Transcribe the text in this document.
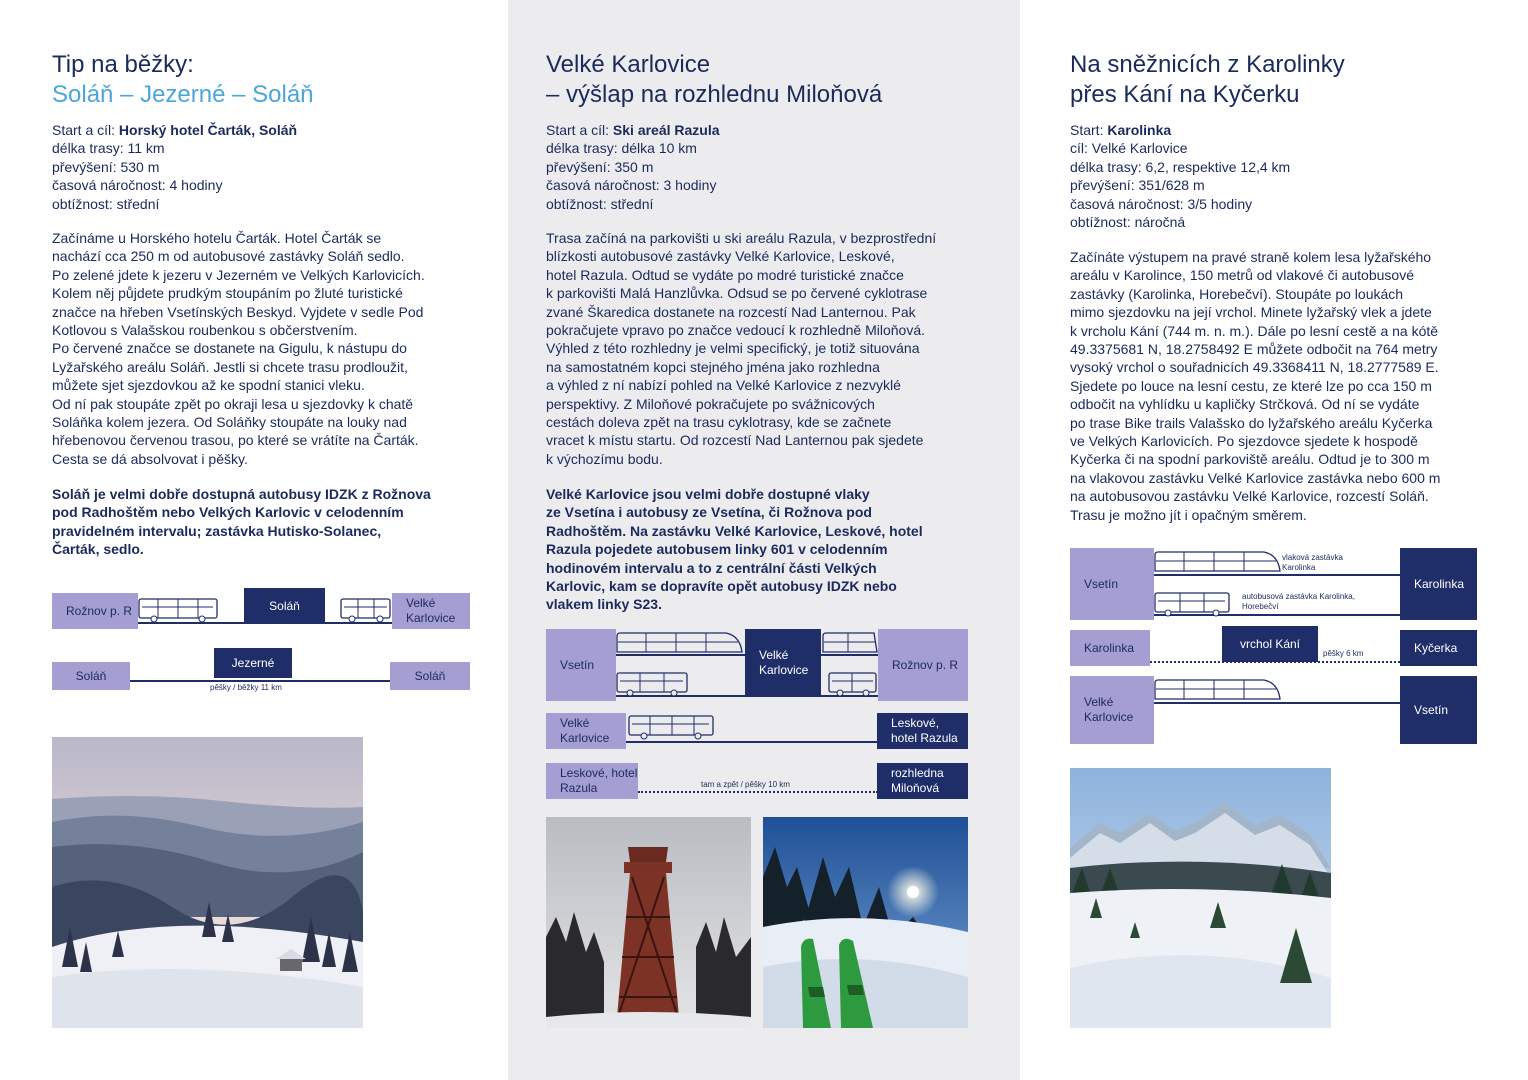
Tip na běžky:
Soláň – Jezerné – Soláň
Start a cíl: Horský hotel Čarták, Soláň
délka trasy: 11 km
převýšení: 530 m
časová náročnost: 4 hodiny
obtížnost: střední
Začínáme u Horského hotelu Čarták. Hotel Čarták se
nachází cca 250 m od autobusové zastávky Soláň sedlo.
Po zelené jdete k jezeru v Jezerném ve Velkých Karlovicích.
Kolem něj půjdete prudkým stoupáním po žluté turistické
značce na hřeben Vsetínských Beskyd. Vyjdete v sedle Pod
Kotlovou s Valašskou roubenkou s občerstvením.
Po červené značce se dostanete na Gigulu, k nástupu do
Lyžařského areálu Soláň. Jestli si chcete trasu prodloužit,
můžete sjet sjezdovkou až ke spodní stanici vleku.
Od ní pak stoupáte zpět po okraji lesa u sjezdovky k chatě
Soláňka kolem jezera. Od Soláňky stoupáte na louky nad
hřebenovou červenou trasou, po které se vrátíte na Čarták.
Cesta se dá absolvovat i pěšky.
Soláň je velmi dobře dostupná autobusy IDZK z Rožnova
pod Radhoštěm nebo Velkých Karlovic v celodenním
pravidelném intervalu; zastávka Hutisko-Solanec,
Čarták, sedlo.
Rožnov p. R	Soláň	Velké Karlovice
Soláň
Jezerné
pěšky / běžky 11 km
Soláň
Velké Karlovice
– výšlap na rozhlednu Miloňová
Start a cíl: Ski areál Razula
délka trasy: délka 10 km
převýšení: 350 m
časová náročnost: 3 hodiny
obtížnost: střední
Trasa začíná na parkovišti u ski areálu Razula, v bezprostřední
blízkosti autobusové zastávky Velké Karlovice, Leskové,
hotel Razula. Odtud se vydáte po modré turistické značce
k parkovišti Malá Hanzlůvka. Odsud se po červené cyklotrase
zvané Škaredica dostanete na rozcestí Nad Lanternou. Pak
pokračujete vpravo po značce vedoucí k rozhledně Miloňová.
Výhled z této rozhledny je velmi specifický, je totiž situována
na samostatném kopci stejného jména jako rozhledna
a výhled z ní nabízí pohled na Velké Karlovice z nezvyklé
perspektivy. Z Miloňové pokračujete po svážnicových
cestách doleva zpět na trasu cyklotrasy, kde se začnete
vracet k místu startu. Od rozcestí Nad Lanternou pak sjedete
k výchozímu bodu.
Velké Karlovice jsou velmi dobře dostupné vlaky
ze Vsetína i autobusy ze Vsetína, či Rožnova pod
Radhoštěm. Na zastávku Velké Karlovice, Leskové, hotel
Razula pojedete autobusem linky 601 v celodenním
hodinovém intervalu a to z centrální části Velkých
Karlovic, kam se dopravíte opět autobusy IDZK nebo
vlakem linky S23.
Vsetín
Velké Karlovice	Rožnov p. R
Velké Karlovice
Leskové, hotel Razula
Leskové, hotel Razula	tam a zpět / pěšky 10 km
rozhledna Miloňová
Na sněžnicích z Karolinky
přes Kání na Kyčerku
Start: Karolinka
cíl: Velké Karlovice
délka trasy: 6,2, respektive 12,4 km
převýšení: 351/628 m
časová náročnost: 3/5 hodiny
obtížnost: náročná
Začínáte výstupem na pravé straně kolem lesa lyžařského
areálu v Karolince, 150 metrů od vlakové či autobusové
zastávky (Karolinka, Horebečví). Stoupáte po loukách
mimo sjezdovku na její vrchol. Minete lyžařský vlek a jdete
k vrcholu Kání (744 m. n. m.). Dále po lesní cestě a na kótě
49.3375681 N, 18.2758492 E můžete odbočit na 764 metry
vysoký vrchol o souřadnicích 49.3368411 N, 18.2777589 E.
Sjedete po louce na lesní cestu, ze které lze po cca 150 m
odbočit na vyhlídku u kapličky Strčková. Od ní se vydáte
po trase Bike trails Valašsko do lyžařského areálu Kyčerka
ve Velkých Karlovicích. Po sjezdovce sjedete k hospodě
Kyčerka či na spodní parkoviště areálu. Odtud je to 300 m
na vlakovou zastávku Velké Karlovice zastávka nebo 600 m
na autobusovou zastávku Velké Karlovice, rozcestí Soláň.
Trasu je možno jít i opačným směrem.
Vsetín
vlaková zastávka Karolinka
autobusová zastávka Karolinka, Horebečví
Karolinka
Karolinka	vrchol Kání
pěšky 6 km	Kyčerka
Velké Karlovice
Vsetín
